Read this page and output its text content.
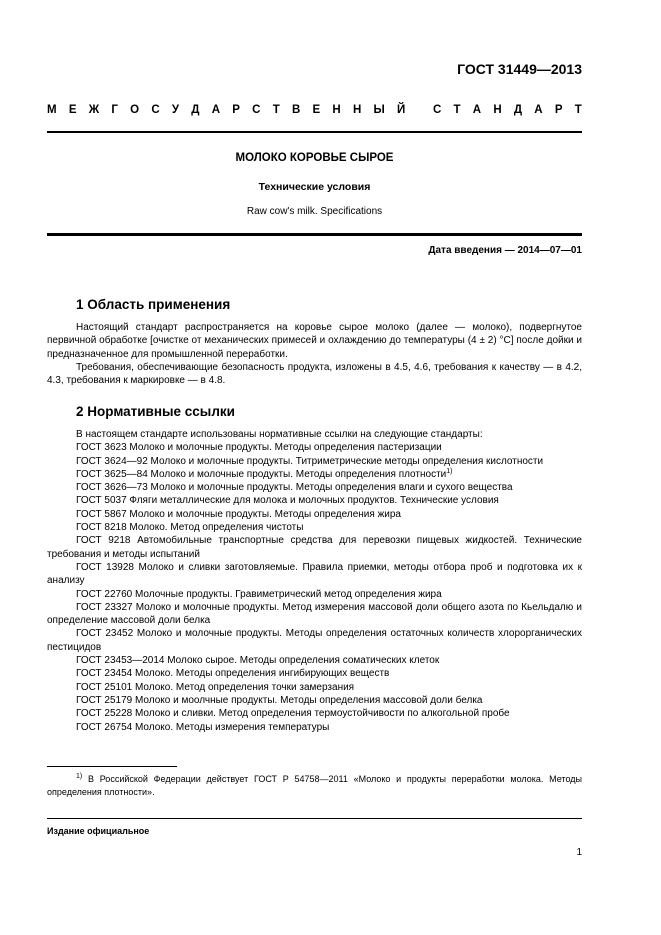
ГОСТ 31449—2013
М Е Ж Г О С У Д А Р С Т В Е Н Н Ы Й
С Т А Н Д А Р Т
МОЛОКО КОРОВЬЕ СЫРОЕ
Технические условия
Raw cow's milk. Specifications
Дата введения — 2014—07—01
1 Область применения

Настоящий стандарт распространяется на коровье сырое молоко (далее — молоко), подвергнутое первичной обработке [очистке от механических примесей и охлаждению до температуры (4 ± 2) °С] после дойки и предназначенное для промышленной переработки.

Требования, обеспечивающие безопасность продукта, изложены в 4.5, 4.6, требования к качеству — в 4.2, 4.3, требования к маркировке — в 4.8.

2 Нормативные ссылки

В настоящем стандарте использованы нормативные ссылки на следующие стандарты:

ГОСТ 3623 Молоко и молочные продукты. Методы определения пастеризации

ГОСТ 3624—92 Молоко и молочные продукты. Титриметрические методы определения кислотности

ГОСТ 3625—84 Молоко и молочные продукты. Методы определения плотности$^{1)}$

ГОСТ 3626—73 Молоко и молочные продукты. Методы определения влаги и сухого вещества

ГОСТ 5037 Фляги металлические для молока и молочных продуктов. Технические условия

ГОСТ 5867 Молоко и молочные продукты. Методы определения жира

ГОСТ 8218 Молоко. Метод определения чистоты

ГОСТ 9218 Автомобильные транспортные средства для перевозки пищевых жидкостей. Технические требования и методы испытаний

ГОСТ 13928 Молоко и сливки заготовляемые. Правила приемки, методы отбора проб и подготовка их к анализу

ГОСТ 22760 Молочные продукты. Гравиметрический метод определения жира

ГОСТ 23327 Молоко и молочные продукты. Метод измерения массовой доли общего азота по Кьельдалю и определение массовой доли белка

ГОСТ 23452 Молоко и молочные продукты. Методы определения остаточных количеств хлорорганических пестицидов

ГОСТ 23453—2014 Молоко сырое. Методы определения соматических клеток

ГОСТ 23454 Молоко. Методы определения ингибирующих веществ

ГОСТ 25101 Молоко. Метод определения точки замерзания

ГОСТ 25179 Молоко и моолчные продукты. Методы определения массовой доли белка

ГОСТ 25228 Молоко и сливки. Метод определения термоустойчивости по алкогольной пробе

ГОСТ 26754 Молоко. Методы измерения температуры

$^{1)}$ В Российской Федерации действует ГОСТ Р 54758—2011 «Молоко и продукты переработки молока. Методы определения плотности».

Издание официальное
1
